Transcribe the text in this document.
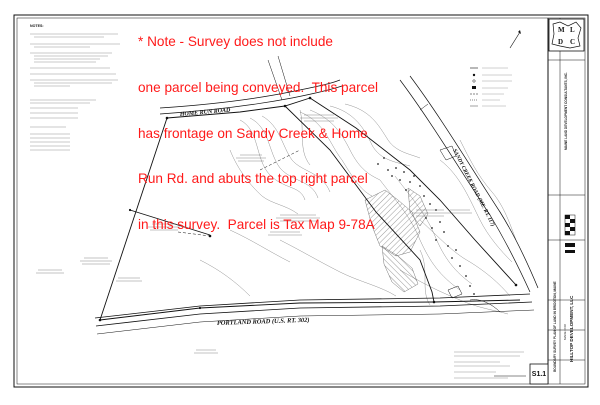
MAINE LAND DEVELOPMENT CONSULTANTS, INC.
BOUNDARY SURVEY PLAN OF LAND IN BRIDGTON, MAINE MADE FOR HILLTOP DEVELOPMENT, LLC
S1.1
M L
D C
NOTES:
HOME RUN ROAD
SANDY CREEK ROAD (ME. RT. 117)
PORTLAND ROAD (U.S. RT. 302)

* Note - Survey does not include

one parcel being conveyed.  This parcel

has frontage on Sandy Creek & Home

Run Rd. and abuts the top right parcel

in this survey.  Parcel is Tax Map 9-78A
